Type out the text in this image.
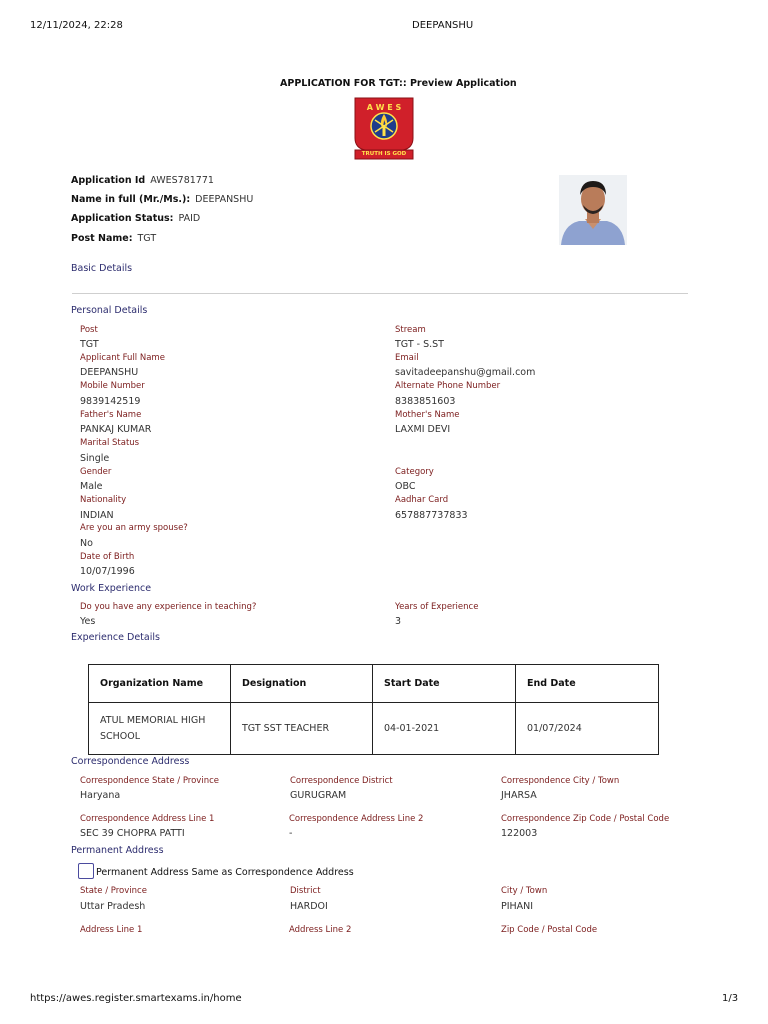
12/11/2024, 22:28	DEEPANSHU
APPLICATION FOR TGT:: Preview Application
A W E S
TRUTH IS GOD
Application Id AWES781771
Name in full (Mr./Ms.): DEEPANSHU
Application Status: PAID
Post Name: TGT
Basic Details
Personal Details
Post
TGT
Stream
TGT - S.ST
Applicant Full Name
DEEPANSHU
Email
savitadeepanshu@gmail.com
Mobile Number
9839142519
Alternate Phone Number
8383851603
Father's Name
PANKAJ KUMAR
Mother's Name
LAXMI DEVI
Marital Status
Single
Gender
Male
Category
OBC
Nationality
INDIAN
Aadhar Card
657887737833
Are you an army spouse?
No
Date of Birth
10/07/1996
Work Experience
Do you have any experience in teaching?
Yes
Years of Experience
3
Experience Details
Organization Name	Designation	Start Date	End Date
ATUL MEMORIAL HIGH SCHOOL	TGT SST TEACHER	04-01-2021	01/07/2024
Correspondence Address
Correspondence State / Province
Haryana
Correspondence District
GURUGRAM
Correspondence City / Town
JHARSA
Correspondence Address Line 1
SEC 39 CHOPRA PATTI
Correspondence Address Line 2
-
Correspondence Zip Code / Postal Code
122003
Permanent Address
Permanent Address Same as Correspondence Address
State / Province
Uttar Pradesh
District
HARDOI
City / Town
PIHANI
Address Line 1	Address Line 2	Zip Code / Postal Code
https://awes.register.smartexams.in/home	1/3
